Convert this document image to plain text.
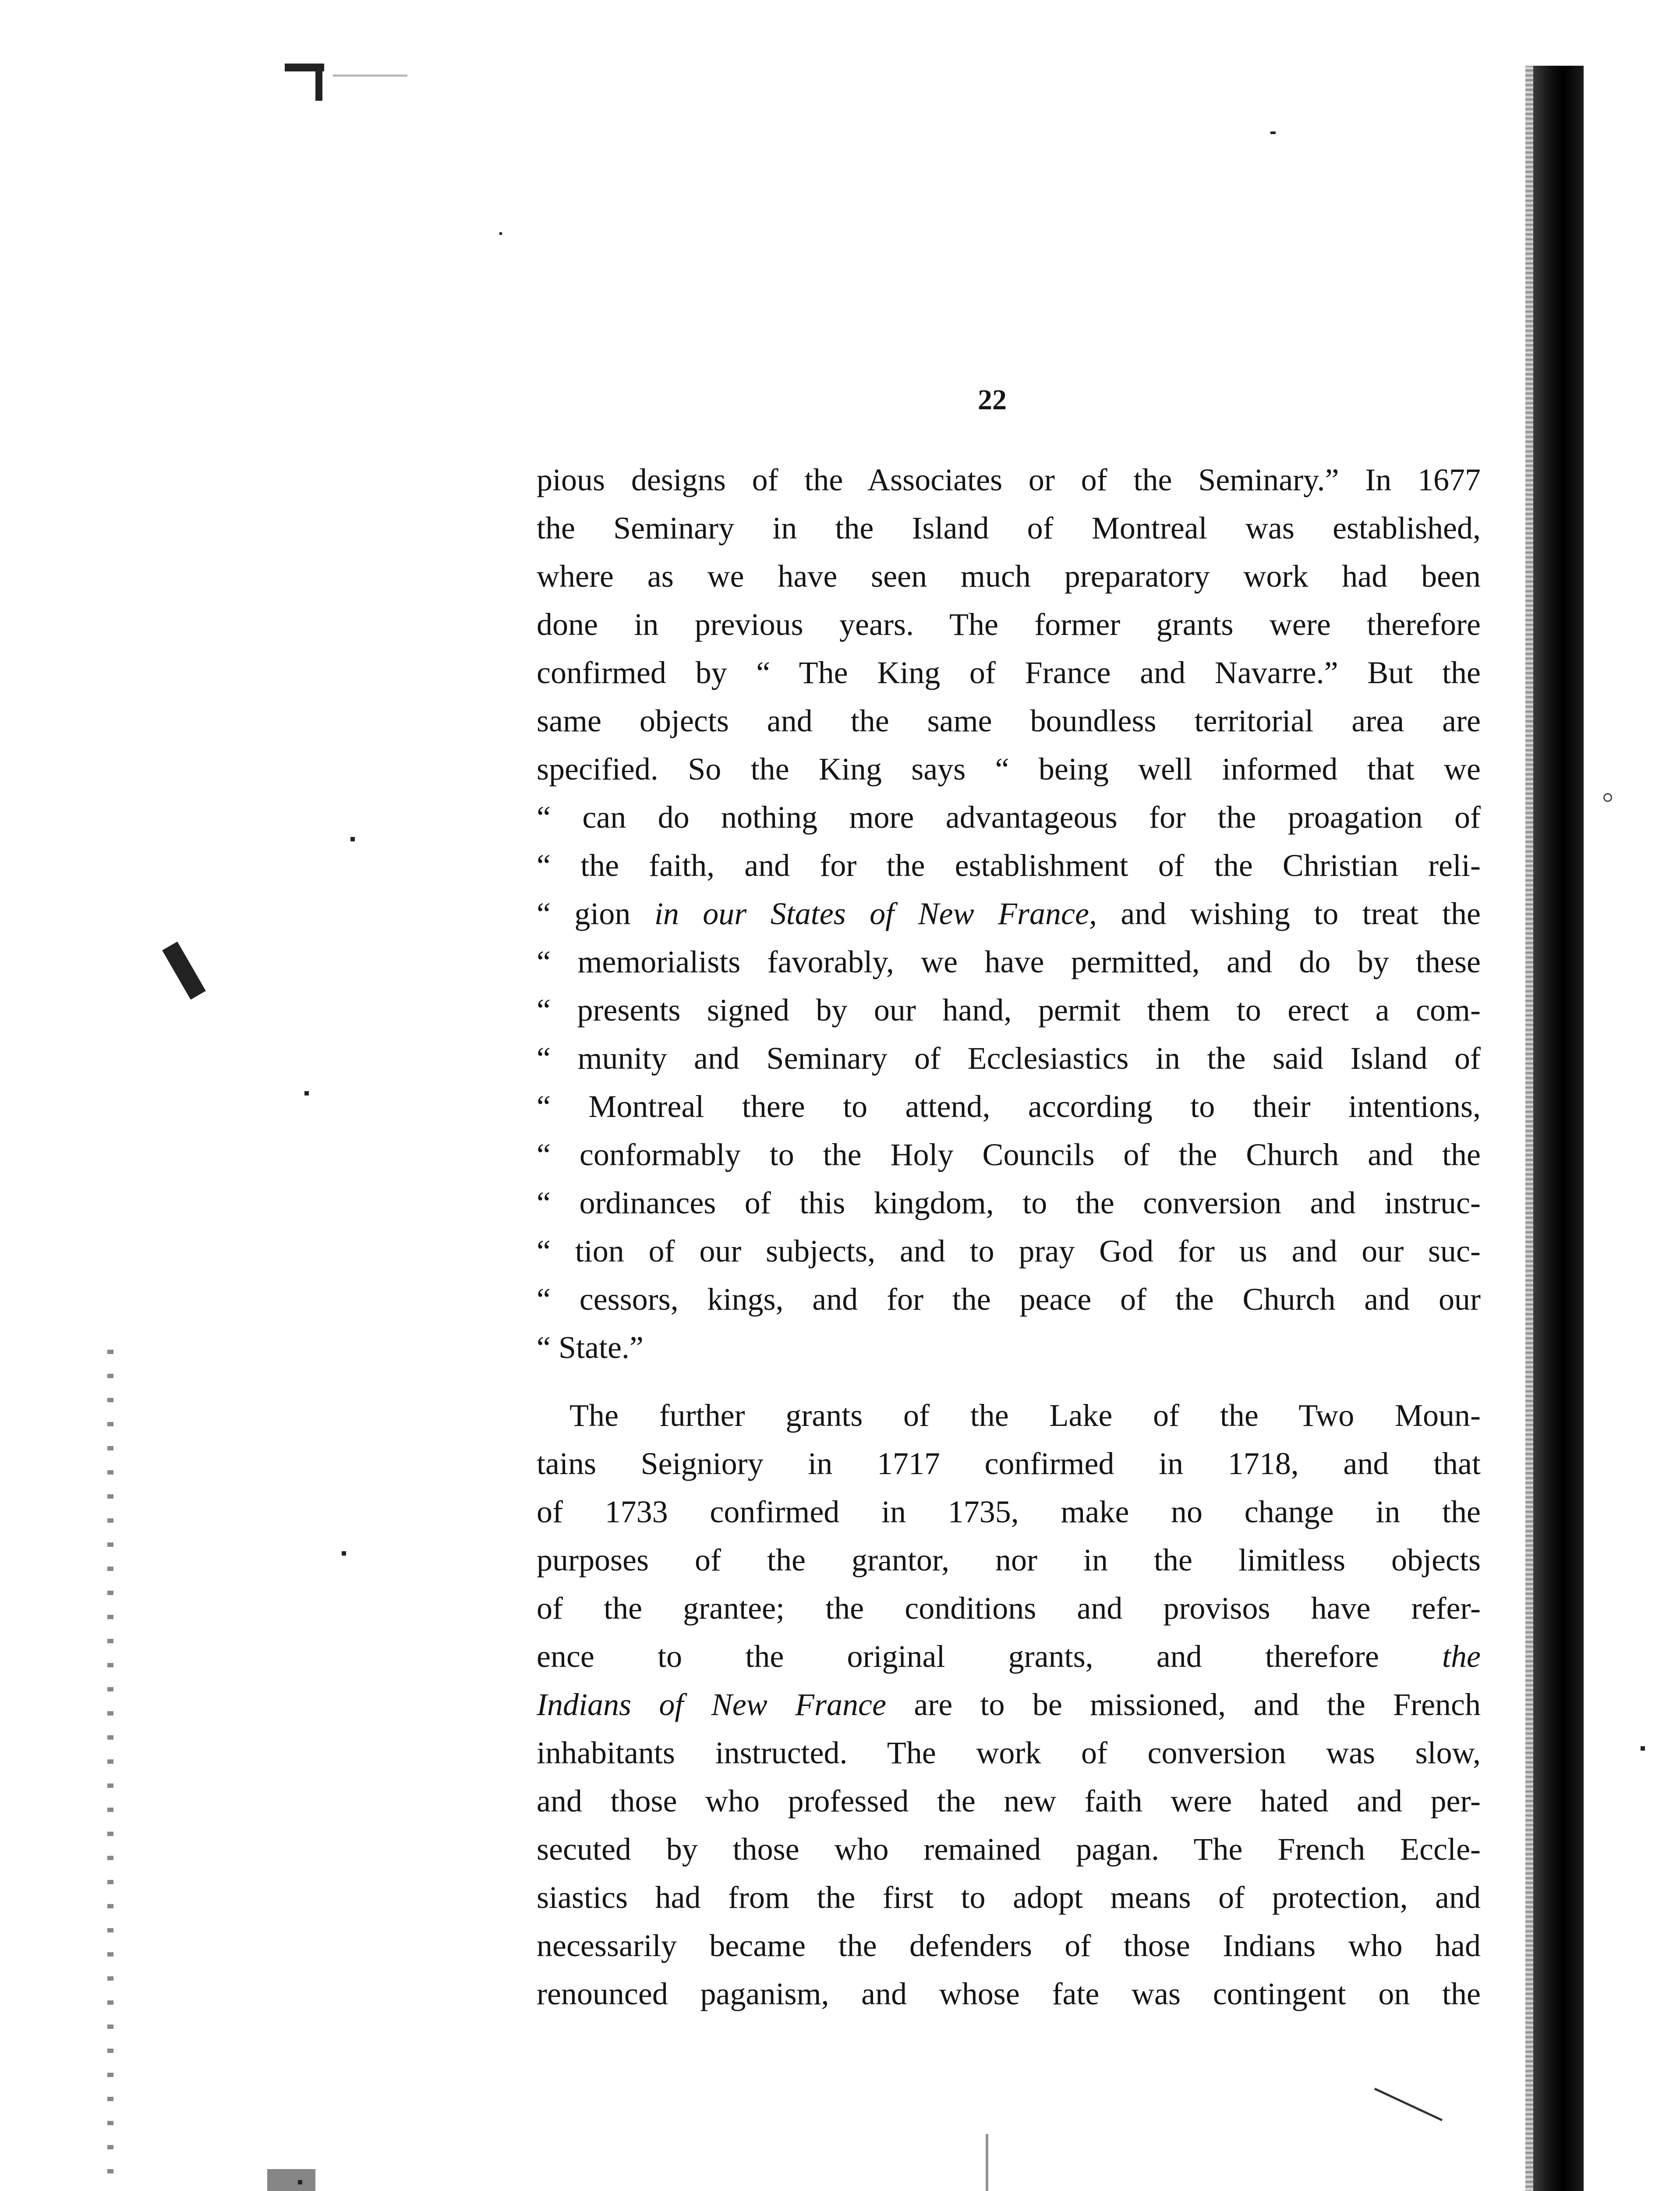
22
pious designs of the Associates or of the Seminary.” In 1677
the Seminary in the Island of Montreal was established,
where as we have seen much preparatory work had been
done in previous years. The former grants were therefore
confirmed by “ The King of France and Navarre.” But the
same objects and the same boundless territorial area are
specified. So the King says “ being well informed that we
“ can do nothing more advantageous for the proagation of
“ the faith, and for the establishment of the Christian reli-
“ gion in our States of New France, and wishing to treat the
“ memorialists favorably, we have permitted, and do by these
“ presents signed by our hand, permit them to erect a com-
“ munity and Seminary of Ecclesiastics in the said Island of
“ Montreal there to attend, according to their intentions,
“ conformably to the Holy Councils of the Church and the
“ ordinances of this kingdom, to the conversion and instruc-
“ tion of our subjects, and to pray God for us and our suc-
“ cessors, kings, and for the peace of the Church and our
“ State.”
The further grants of the Lake of the Two Moun-
tains Seigniory in 1717 confirmed in 1718, and that
of 1733 confirmed in 1735, make no change in the
purposes of the grantor, nor in the limitless objects
of the grantee; the conditions and provisos have refer-
ence to the original grants, and therefore the
Indians of New France are to be missioned, and the French
inhabitants instructed. The work of conversion was slow,
and those who professed the new faith were hated and per-
secuted by those who remained pagan. The French Eccle-
siastics had from the first to adopt means of protection, and
necessarily became the defenders of those Indians who had
renounced paganism, and whose fate was contingent on the
